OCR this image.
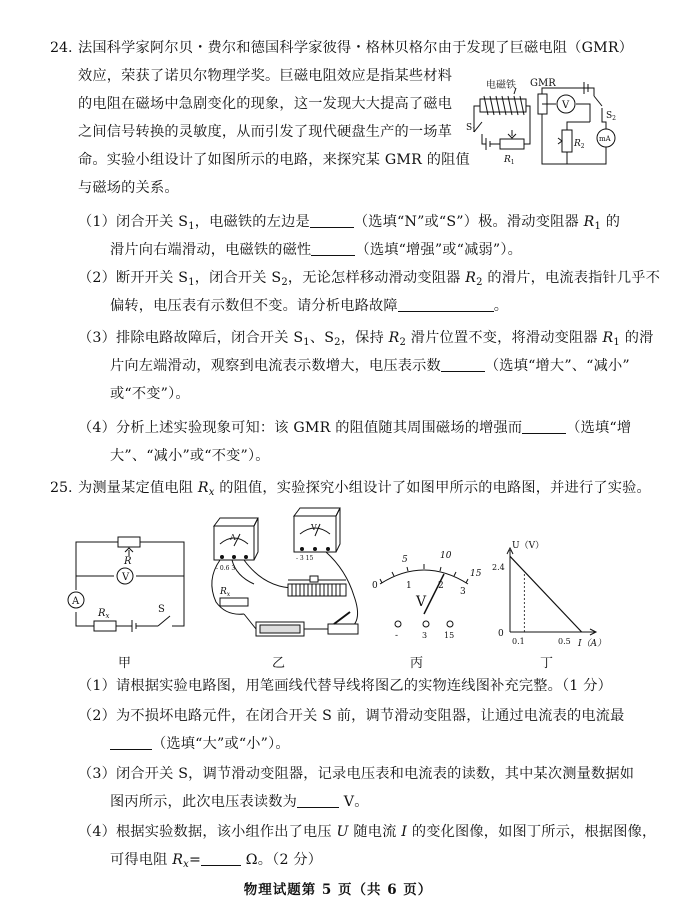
24. 法国科学家阿尔贝・费尔和德国科学家彼得・格林贝格尔由于发现了巨磁电阻（GMR）
效应，荣获了诺贝尔物理学奖。巨磁电阻效应是指某些材料
的电阻在磁场中急剧变化的现象，这一发现大大提高了磁电
之间信号转换的灵敏度，从而引发了现代硬盘生产的一场革
命。实验小组设计了如图所示的电路，来探究某 GMR 的阻值
与磁场的关系。
V
mA
电磁铁 GMR
$S_1$
$S_2$
$R_1$
$R_2$
（1）闭合开关 $S_1$，电磁铁的左边是	（选填“N”或“S”）极。滑动变阻器 $R_1$ 的
滑片向右端滑动，电磁铁的磁性	（选填“增强”或“减弱”）。
（2）断开开关 $S_1$，闭合开关 $S_2$，无论怎样移动滑动变阻器 $R_2$ 的滑片，电流表指针几乎不
偏转，电压表有示数但不变。请分析电路故障	。
（3）排除电路故障后，闭合开关 $S_1$、$S_2$，保持 $R_2$ 滑片位置不变，将滑动变阻器 $R_1$ 的滑
片向左端滑动，观察到电流表示数增大，电压表示数	（选填“增大”、“减小”
或“不变”）。
（4）分析上述实验现象可知：该 GMR 的阻值随其周围磁场的增强而	（选填“增
大”、“减小”或“不变”）。
25. 为测量某定值电阻 $R_x$ 的阻值，实验探究小组设计了如图甲所示的电路图，并进行了实验。
V
A
R
$R_x$
S
甲
A
V
- 0.6 3
- 3 15
$R_x$
乙
5	10
0
15
1	2
3
V
-	3 15
丙
U（V）
I（A）
0
2.4
0.1	0.5
丁
（1）请根据实验电路图，用笔画线代替导线将图乙的实物连线图补充完整。（1 分）
（2）为不损坏电路元件，在闭合开关 S 前，调节滑动变阻器，让通过电流表的电流最
（选填“大”或“小”）。
（3）闭合开关 S，调节滑动变阻器，记录电压表和电流表的读数，其中某次测量数据如
图丙所示，此次电压表读数为	V。
（4）根据实验数据，该小组作出了电压 U 随电流 I 的变化图像，如图丁所示，根据图像，
可得电阻 $R_x=$	Ω。（2 分）
物理试题第 5 页（共 6 页）
